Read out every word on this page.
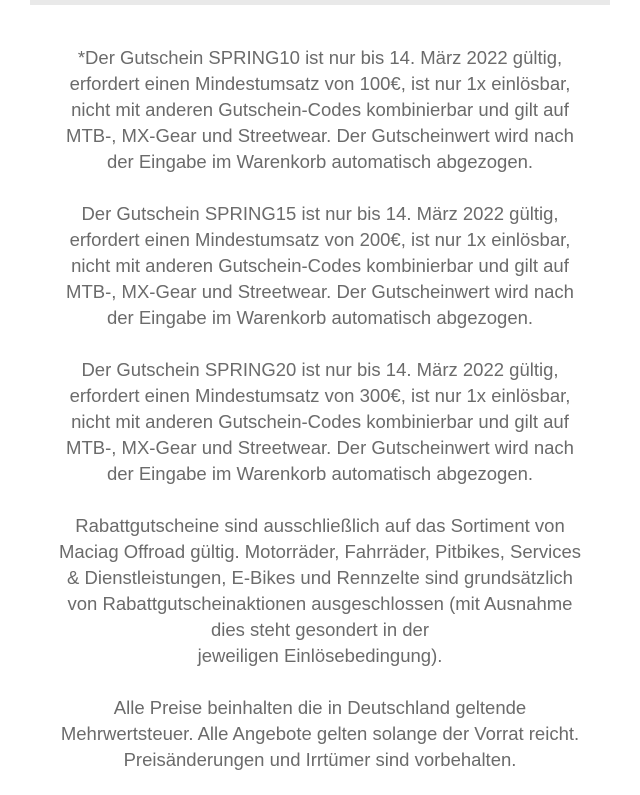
*Der Gutschein SPRING10 ist nur bis 14. März 2022 gültig,
erfordert einen Mindestumsatz von 100€, ist nur 1x einlösbar,
nicht mit anderen Gutschein-Codes kombinierbar und gilt auf
MTB-, MX-Gear und Streetwear. Der Gutscheinwert wird nach
der Eingabe im Warenkorb automatisch abgezogen.

Der Gutschein SPRING15 ist nur bis 14. März 2022 gültig,
erfordert einen Mindestumsatz von 200€, ist nur 1x einlösbar,
nicht mit anderen Gutschein-Codes kombinierbar und gilt auf
MTB-, MX-Gear und Streetwear. Der Gutscheinwert wird nach
der Eingabe im Warenkorb automatisch abgezogen.

Der Gutschein SPRING20 ist nur bis 14. März 2022 gültig,
erfordert einen Mindestumsatz von 300€, ist nur 1x einlösbar,
nicht mit anderen Gutschein-Codes kombinierbar und gilt auf
MTB-, MX-Gear und Streetwear. Der Gutscheinwert wird nach
der Eingabe im Warenkorb automatisch abgezogen.

Rabattgutscheine sind ausschließlich auf das Sortiment von
Maciag Offroad gültig. Motorräder, Fahrräder, Pitbikes, Services
& Dienstleistungen, E-Bikes und Rennzelte sind grundsätzlich
von Rabattgutscheinaktionen ausgeschlossen (mit Ausnahme
dies steht gesondert in der
jeweiligen Einlösebedingung).

Alle Preise beinhalten die in Deutschland geltende
Mehrwertsteuer. Alle Angebote gelten solange der Vorrat reicht.
Preisänderungen und Irrtümer sind vorbehalten.
